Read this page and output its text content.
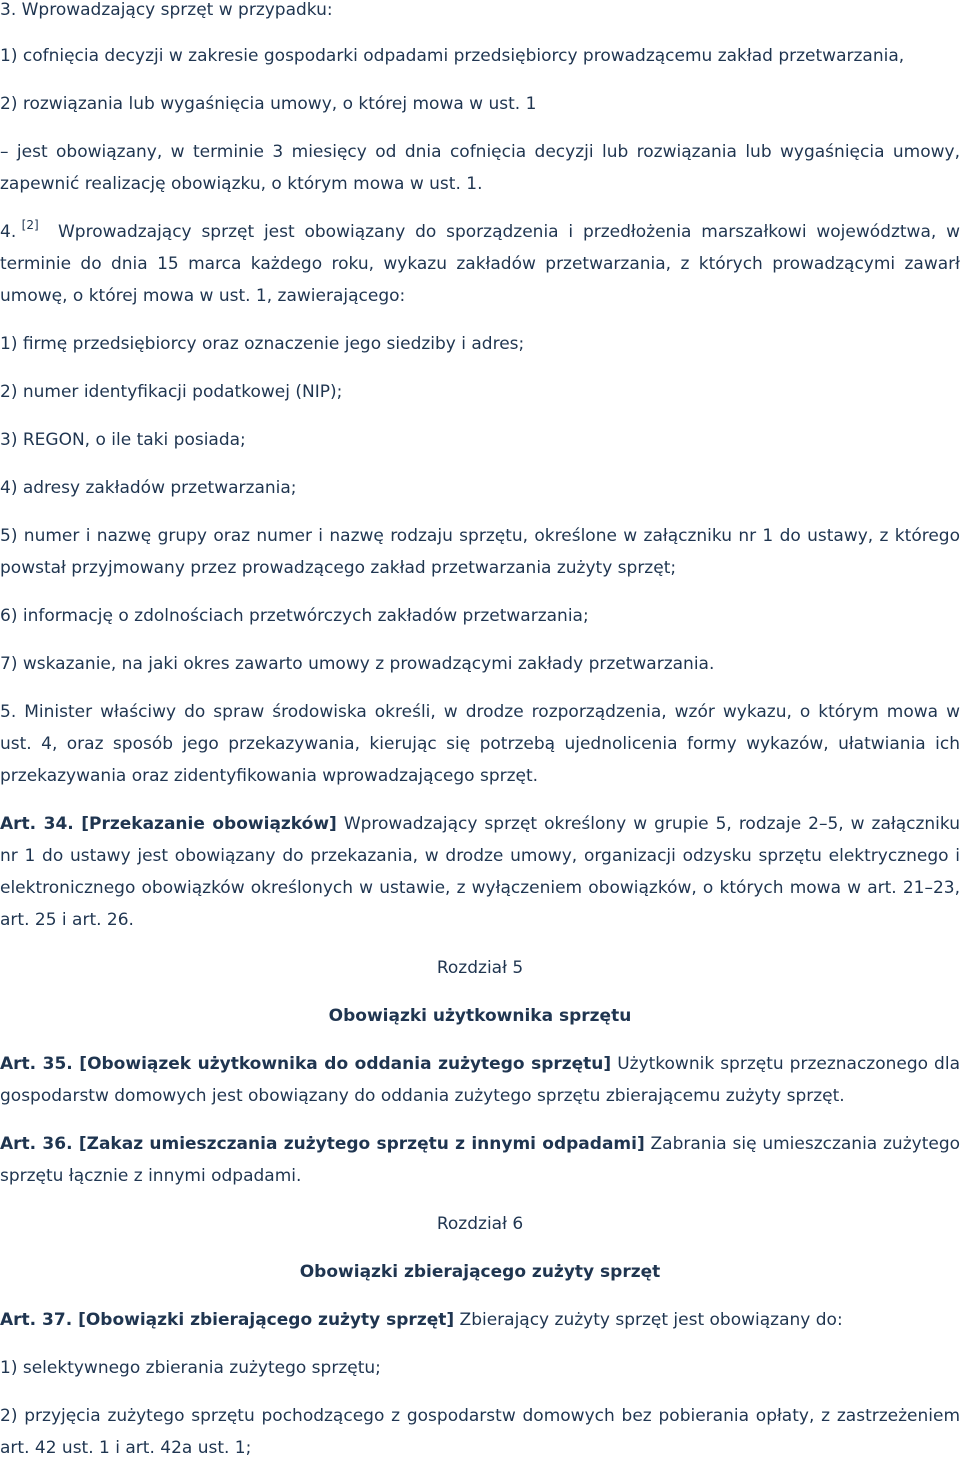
3. Wprowadzający sprzęt w przypadku:
1) cofnięcia decyzji w zakresie gospodarki odpadami przedsiębiorcy prowadzącemu zakład przetwarzania,
2) rozwiązania lub wygaśnięcia umowy, o której mowa w ust. 1
– jest obowiązany, w terminie 3 miesięcy od dnia cofnięcia decyzji lub rozwiązania lub wygaśnięcia umowy,
zapewnić realizację obowiązku, o którym mowa w ust. 1.
4. [2] Wprowadzający sprzęt jest obowiązany do sporządzenia i przedłożenia marszałkowi województwa, w
terminie do dnia 15 marca każdego roku, wykazu zakładów przetwarzania, z których prowadzącymi zawarł
umowę, o której mowa w ust. 1, zawierającego:
1) firmę przedsiębiorcy oraz oznaczenie jego siedziby i adres;
2) numer identyfikacji podatkowej (NIP);
3) REGON, o ile taki posiada;
4) adresy zakładów przetwarzania;
5) numer i nazwę grupy oraz numer i nazwę rodzaju sprzętu, określone w załączniku nr 1 do ustawy, z którego
powstał przyjmowany przez prowadzącego zakład przetwarzania zużyty sprzęt;
6) informację o zdolnościach przetwórczych zakładów przetwarzania;
7) wskazanie, na jaki okres zawarto umowy z prowadzącymi zakłady przetwarzania.
5. Minister właściwy do spraw środowiska określi, w drodze rozporządzenia, wzór wykazu, o którym mowa w
ust. 4, oraz sposób jego przekazywania, kierując się potrzebą ujednolicenia formy wykazów, ułatwiania ich
przekazywania oraz zidentyfikowania wprowadzającego sprzęt.
Art. 34. [Przekazanie obowiązków] Wprowadzający sprzęt określony w grupie 5, rodzaje 2–5, w załączniku
nr 1 do ustawy jest obowiązany do przekazania, w drodze umowy, organizacji odzysku sprzętu elektrycznego i
elektronicznego obowiązków określonych w ustawie, z wyłączeniem obowiązków, o których mowa w art. 21–23,
art. 25 i art. 26.
Rozdział 5
Obowiązki użytkownika sprzętu
Art. 35. [Obowiązek użytkownika do oddania zużytego sprzętu] Użytkownik sprzętu przeznaczonego dla
gospodarstw domowych jest obowiązany do oddania zużytego sprzętu zbierającemu zużyty sprzęt.
Art. 36. [Zakaz umieszczania zużytego sprzętu z innymi odpadami] Zabrania się umieszczania zużytego
sprzętu łącznie z innymi odpadami.
Rozdział 6
Obowiązki zbierającego zużyty sprzęt
Art. 37. [Obowiązki zbierającego zużyty sprzęt] Zbierający zużyty sprzęt jest obowiązany do:
1) selektywnego zbierania zużytego sprzętu;
2) przyjęcia zużytego sprzętu pochodzącego z gospodarstw domowych bez pobierania opłaty, z zastrzeżeniem
art. 42 ust. 1 i art. 42a ust. 1;
